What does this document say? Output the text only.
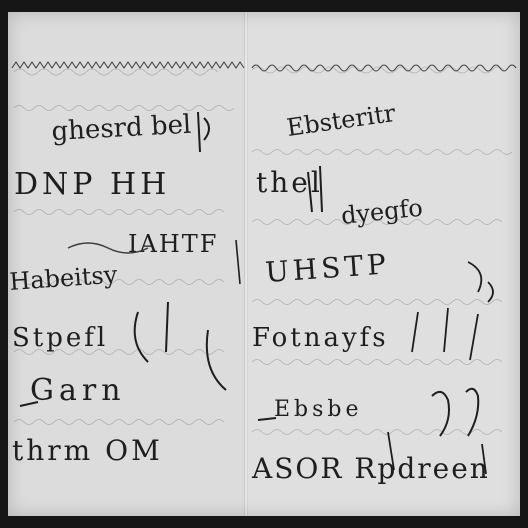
ghesrd bel
DNP HH
IAHTF
Habeitsy
Stpefl
Garn
thrm OM
Ebsteritr
thel
dyegfo
UHSTP
Fotnayfs
Ebsbe
ASOR Rpdreen
